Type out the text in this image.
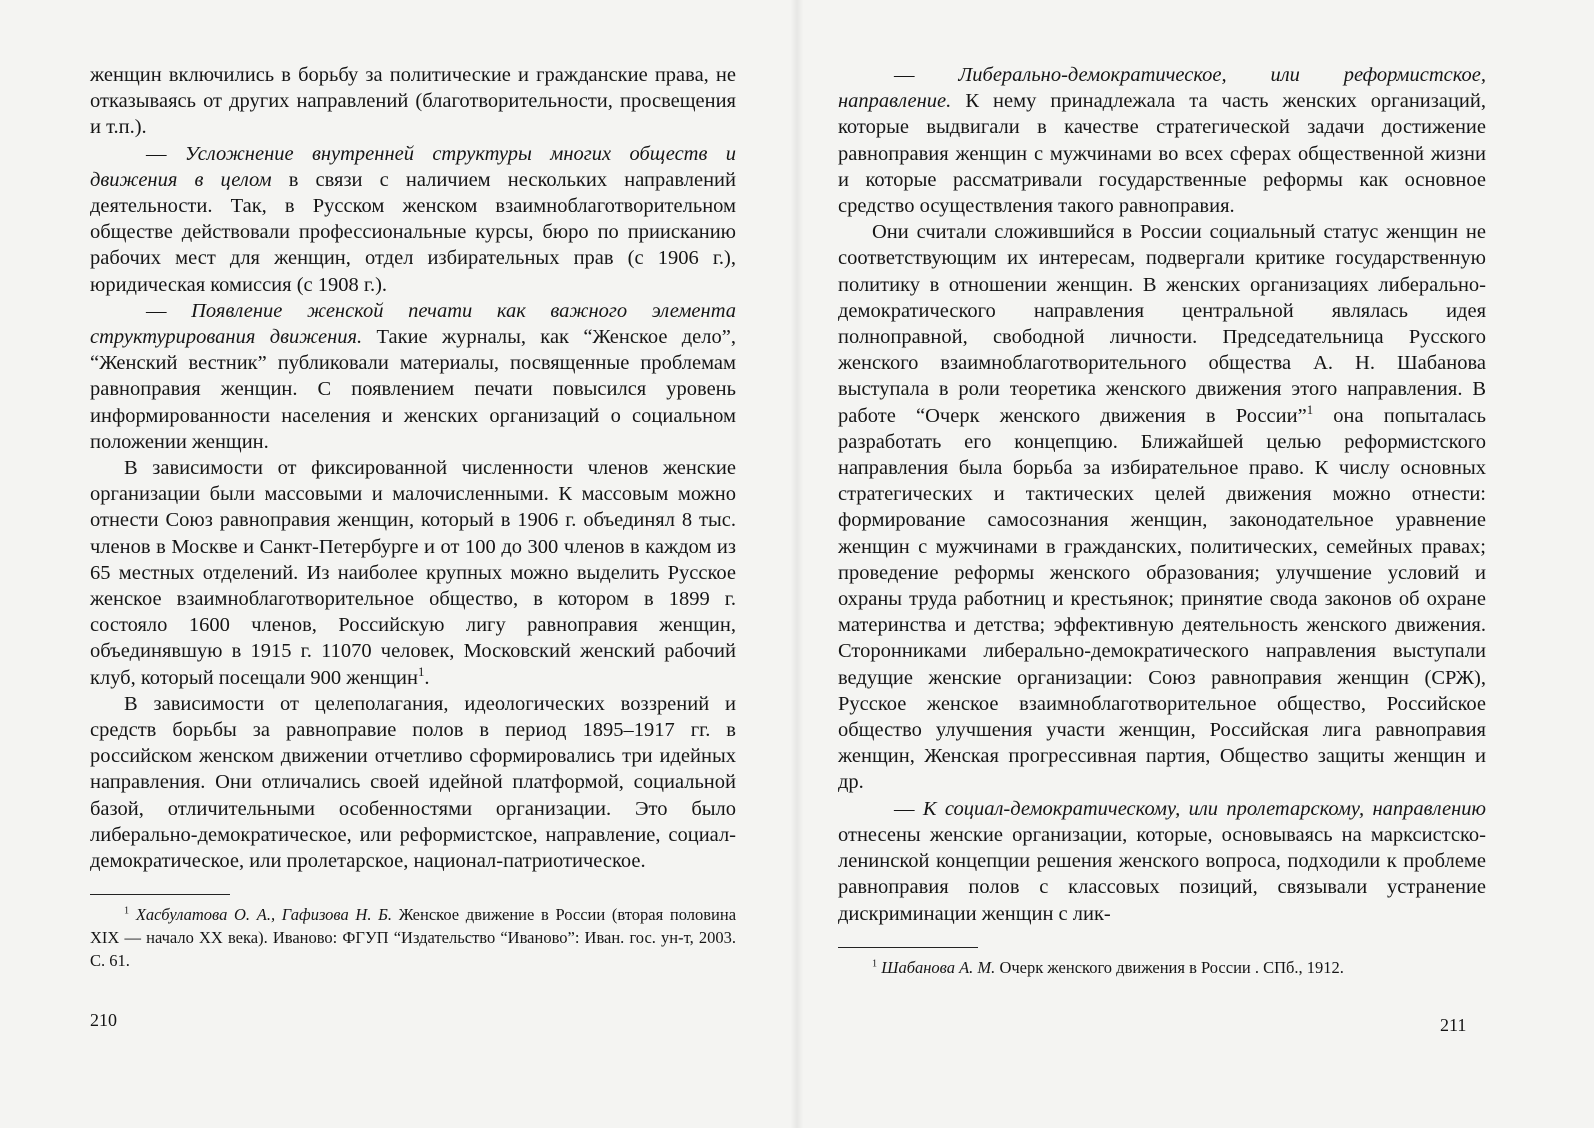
женщин включились в борьбу за политические и гражданские права, не отказываясь от других направлений (благотворительности, просвещения и т.п.).

— Усложнение внутренней структуры многих обществ и движения в целом в связи с наличием нескольких направлений деятельности. Так, в Русском женском взаимноблаготворительном обществе действовали профессиональные курсы, бюро по приисканию рабочих мест для женщин, отдел избирательных прав (с 1906 г.), юридическая комиссия (с 1908 г.).

— Появление женской печати как важного элемента структурирования движения. Такие журналы, как “Женское дело”, “Женский вестник” публиковали материалы, посвященные проблемам равноправия женщин. С появлением печати повысился уровень информированности населения и женских организаций о социальном положении женщин.

В зависимости от фиксированной численности членов женские организации были массовыми и малочисленными. К массовым можно отнести Союз равноправия женщин, который в 1906 г. объединял 8 тыс. членов в Москве и Санкт-Петербурге и от 100 до 300 членов в каждом из 65 местных отделений. Из наиболее крупных можно выделить Русское женское взаимноблаготворительное общество, в котором в 1899 г. состояло 1600 членов, Российскую лигу равноправия женщин, объединявшую в 1915 г. 11070 человек, Московский женский рабочий клуб, который посещали 900 женщин$^1$.

В зависимости от целеполагания, идеологических воззрений и средств борьбы за равноправие полов в период 1895–1917 гг. в российском женском движении отчетливо сформировались три идейных направления. Они отличались своей идейной платформой, социальной базой, отличительными особенностями организации. Это было либерально-демократическое, или реформистское, направление, социал-демократическое, или пролетарское, национал-патриотическое.

$^1$ Хасбулатова О. А., Гафизова Н. Б. Женское движение в России (вторая половина XIX — начало XX века). Иваново: ФГУП “Издательство “Иваново”: Иван. гос. ун-т, 2003. С. 61.

210

— Либерально-демократическое, или реформистское, направление. К нему принадлежала та часть женских организаций, которые выдвигали в качестве стратегической задачи достижение равноправия женщин с мужчинами во всех сферах общественной жизни и которые рассматривали государственные реформы как основное средство осуществления такого равноправия.

Они считали сложившийся в России социальный статус женщин не соответствующим их интересам, подвергали критике государственную политику в отношении женщин. В женских организациях либерально-демократического направления центральной являлась идея полноправной, свободной личности. Председательница Русского женского взаимноблаготворительного общества А. Н. Шабанова выступала в роли теоретика женского движения этого направления. В работе “Очерк женского движения в России”$^1$ она попыталась разработать его концепцию. Ближайшей целью реформистского направления была борьба за избирательное право. К числу основных стратегических и тактических целей движения можно отнести: формирование самосознания женщин, законодательное уравнение женщин с мужчинами в гражданских, политических, семейных правах; проведение реформы женского образования; улучшение условий и охраны труда работниц и крестьянок; принятие свода законов об охране материнства и детства; эффективную деятельность женского движения. Сторонниками либерально-демократического направления выступали ведущие женские организации: Союз равноправия женщин (СРЖ), Русское женское взаимноблаготворительное общество, Российское общество улучшения участи женщин, Российская лига равноправия женщин, Женская прогрессивная партия, Общество защиты женщин и др.

— К социал-демократическому, или пролетарскому, направлению отнесены женские организации, которые, основываясь на марксистско-ленинской концепции решения женского вопроса, подходили к проблеме равноправия полов с классовых позиций, связывали устранение дискриминации женщин с лик-

$^1$ Шабанова А. М. Очерк женского движения в России . СПб., 1912.

211
